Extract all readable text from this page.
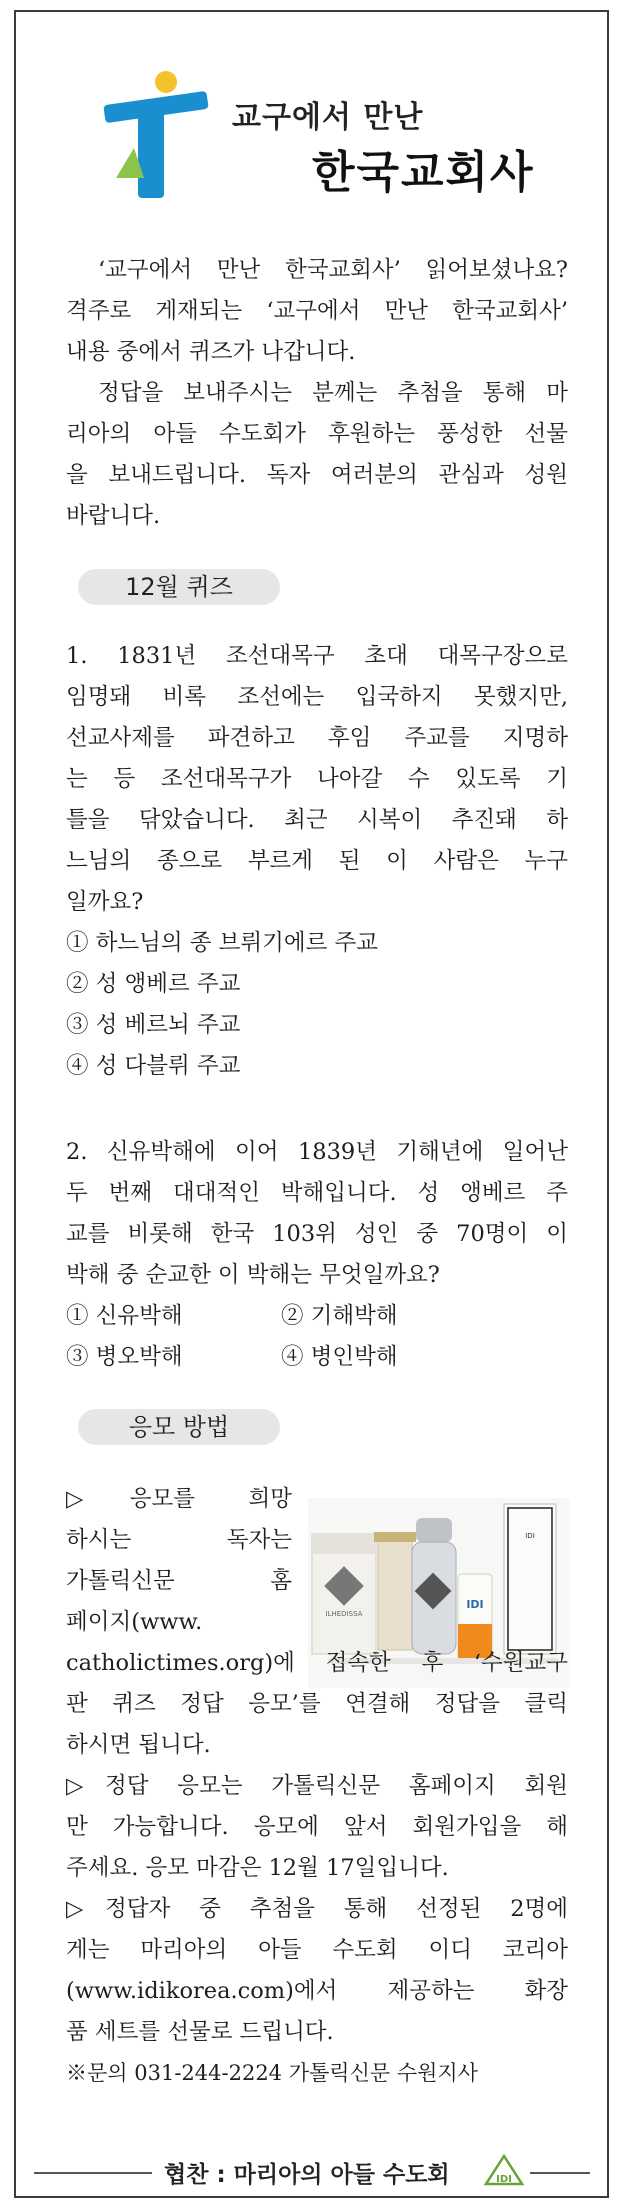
교구에서 만난
한국교회사
‘교구에서 만난 한국교회사’ 읽어보셨나요?
격주로 게재되는 ‘교구에서 만난 한국교회사’
내용 중에서 퀴즈가 나갑니다.
정답을 보내주시는 분께는 추첨을 통해 마
리아의 아들 수도회가 후원하는 풍성한 선물
을 보내드립니다. 독자 여러분의 관심과 성원
바랍니다.
12월 퀴즈
1. 1831년 조선대목구 초대 대목구장으로
임명돼 비록 조선에는 입국하지 못했지만,
선교사제를 파견하고 후임 주교를 지명하
는 등 조선대목구가 나아갈 수 있도록 기
틀을 닦았습니다. 최근 시복이 추진돼 하
느님의 종으로 부르게 된 이 사람은 누구
일까요?
① 하느님의 종 브뤼기에르 주교
② 성 앵베르 주교
③ 성 베르뇌 주교
④ 성 다블뤼 주교
2. 신유박해에 이어 1839년 기해년에 일어난
두 번째 대대적인 박해입니다. 성 앵베르 주
교를 비롯해 한국 103위 성인 중 70명이 이
박해 중 순교한 이 박해는 무엇일까요?
① 신유박해	② 기해박해
③ 병오박해	④ 병인박해
응모 방법
▷응모를 희망
하시는 독자는
가톨릭신문 홈
페이지(www.	ILHEDISSA
IDI
IDI
catholictimes.org)에 접속한 후 ‘수원교구
판 퀴즈 정답 응모’를 연결해 정답을 클릭
하시면 됩니다.
▷정답 응모는 가톨릭신문 홈페이지 회원
만 가능합니다. 응모에 앞서 회원가입을 해
주세요. 응모 마감은 12월 17일입니다.
▷정답자 중 추첨을 통해 선정된 2명에
게는 마리아의 아들 수도회 이디 코리아
(www.idikorea.com)에서 제공하는 화장
품 세트를 선물로 드립니다.
※문의 031-244-2224 가톨릭신문 수원지사
협찬 : 마리아의 아들 수도회	IDI
